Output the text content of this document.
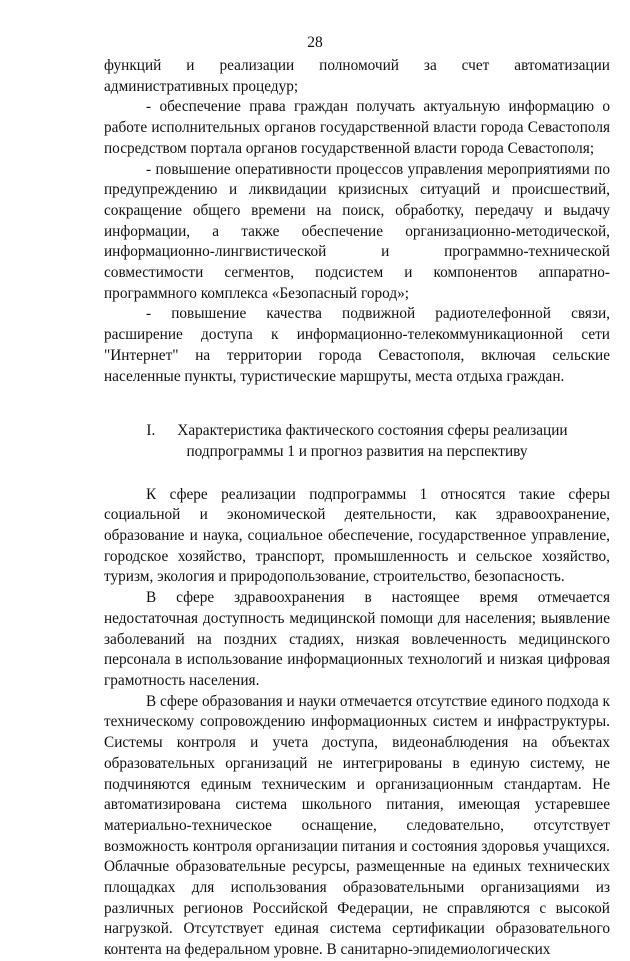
28

функций и реализации полномочий за счет автоматизации административных процедур;

- обеспечение права граждан получать актуальную информацию о работе исполнительных органов государственной власти города Севастополя посредством портала органов государственной власти города Севастополя;

- повышение оперативности процессов управления мероприятиями по предупреждению и ликвидации кризисных ситуаций и происшествий, сокращение общего времени на поиск, обработку, передачу и выдачу информации, а также обеспечение организационно-методической, информационно-лингвистической и программно-технической совместимости сегментов, подсистем и компонентов аппаратно-программного комплекса «Безопасный город»;

- повышение качества подвижной радиотелефонной связи, расширение доступа к информационно-телекоммуникационной сети "Интернет" на территории города Севастополя, включая сельские населенные пункты, туристические маршруты, места отдыха граждан.

I. Характеристика фактического состояния сферы реализации
подпрограммы 1 и прогноз развития на перспективу

К сфере реализации подпрограммы 1 относятся такие сферы социальной и экономической деятельности, как здравоохранение, образование и наука, социальное обеспечение, государственное управление, городское хозяйство, транспорт, промышленность и сельское хозяйство, туризм, экология и природопользование, строительство, безопасность.

В сфере здравоохранения в настоящее время отмечается недостаточная доступность медицинской помощи для населения; выявление заболеваний на поздних стадиях, низкая вовлеченность медицинского персонала в использование информационных технологий и низкая цифровая грамотность населения.

В сфере образования и науки отмечается отсутствие единого подхода к техническому сопровождению информационных систем и инфраструктуры. Системы контроля и учета доступа, видеонаблюдения на объектах образовательных организаций не интегрированы в единую систему, не подчиняются единым техническим и организационным стандартам. Не автоматизирована система школьного питания, имеющая устаревшее материально-техническое оснащение, следовательно, отсутствует возможность контроля организации питания и состояния здоровья учащихся. Облачные образовательные ресурсы, размещенные на единых технических площадках для использования образовательными организациями из различных регионов Российской Федерации, не справляются с высокой нагрузкой. Отсутствует единая система сертификации образовательного контента на федеральном уровне. В санитарно-эпидемиологических
